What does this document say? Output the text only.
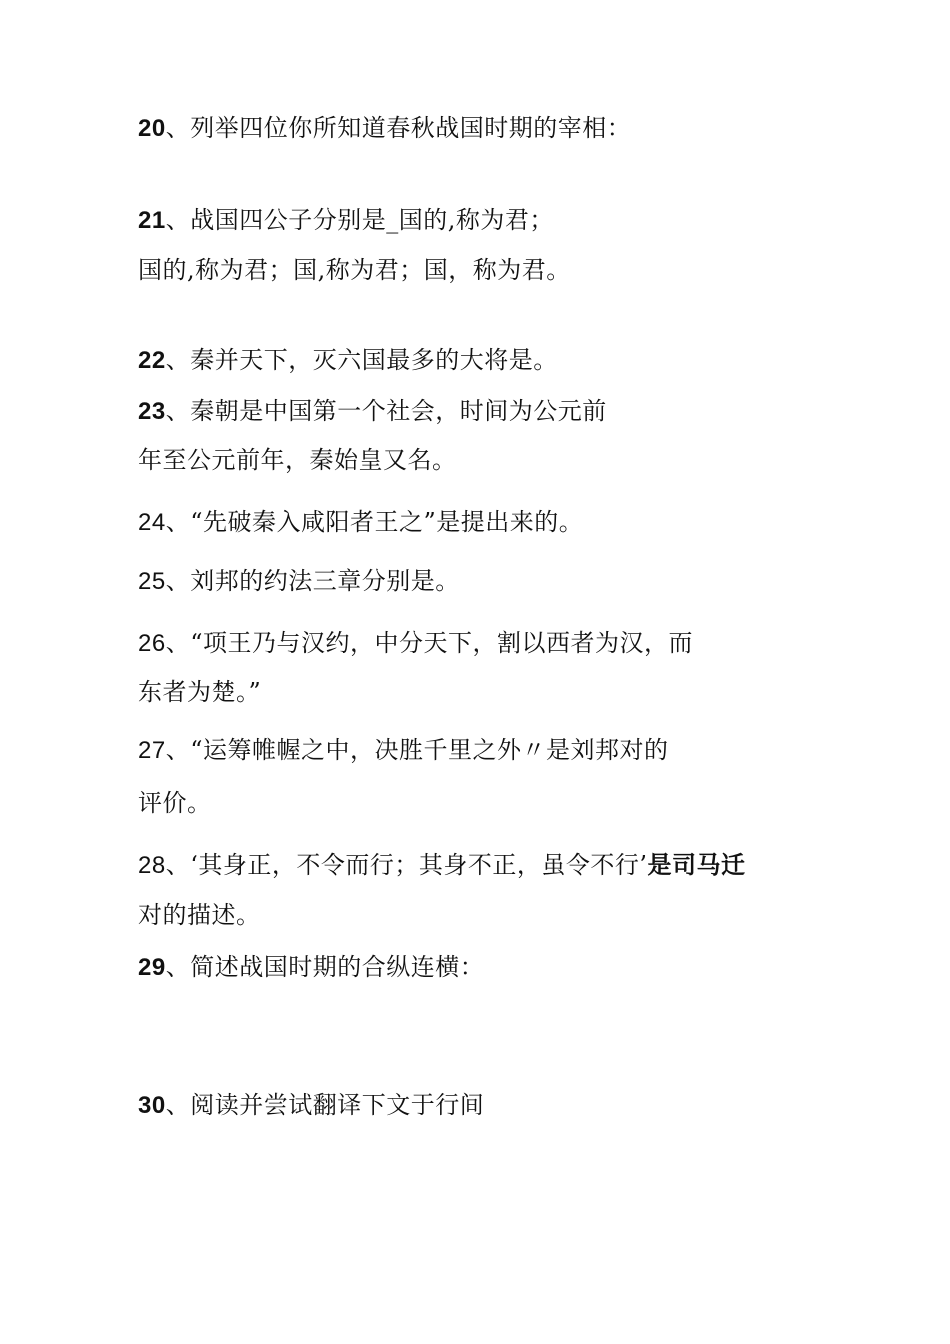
20、列举四位你所知道春秋战国时期的宰相：
21、战国四公子分别是_国的,称为君；
国的,称为君；国,称为君；国，称为君。
22、秦并天下，灭六国最多的大将是。
23、秦朝是中国第一个社会，时间为公元前
年至公元前年，秦始皇又名。
24、“先破秦入咸阳者王之”是提出来的。
25、刘邦的约法三章分别是。
26、“项王乃与汉约，中分天下，割以西者为汉，而
东者为楚。”
27、“运筹帷幄之中，决胜千里之外〃是刘邦对的
评价。
28、‘其身正，不令而行；其身不正，虽令不行’是司马迁
对的描述。
29、简述战国时期的合纵连横：
30、阅读并尝试翻译下文于行间
